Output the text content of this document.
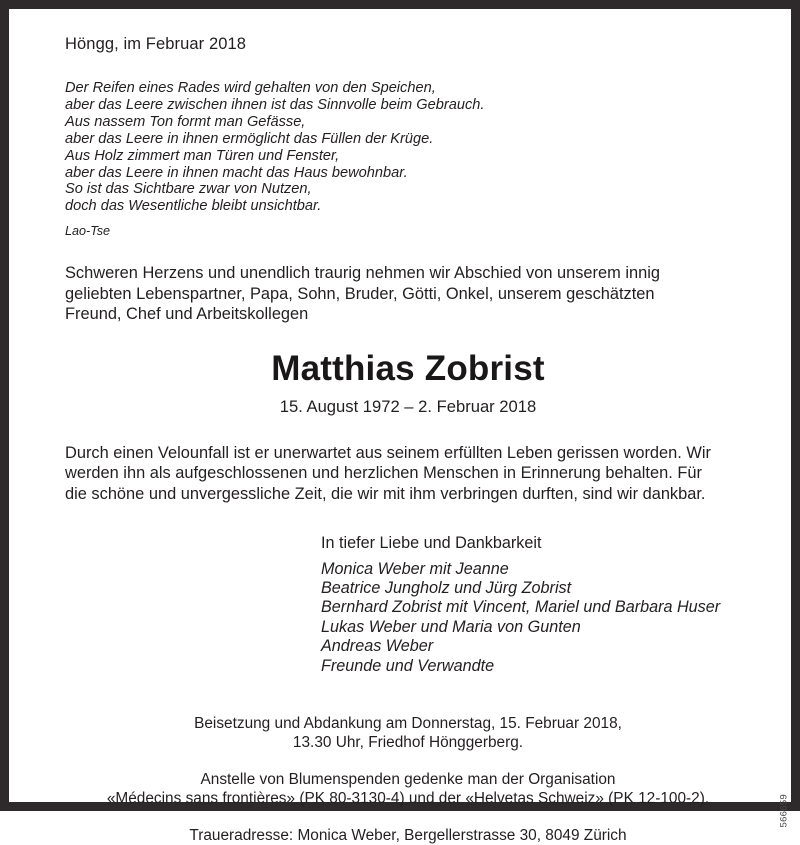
Höngg, im Februar 2018

Der Reifen eines Rades wird gehalten von den Speichen,
aber das Leere zwischen ihnen ist das Sinnvolle beim Gebrauch.
Aus nassem Ton formt man Gefässe,
aber das Leere in ihnen ermöglicht das Füllen der Krüge.
Aus Holz zimmert man Türen und Fenster,
aber das Leere in ihnen macht das Haus bewohnbar.
So ist das Sichtbare zwar von Nutzen,
doch das Wesentliche bleibt unsichtbar.

Lao-Tse

Schweren Herzens und unendlich traurig nehmen wir Abschied von unserem innig geliebten Lebenspartner, Papa, Sohn, Bruder, Götti, Onkel, unserem geschätzten Freund, Chef und Arbeitskollegen

Matthias Zobrist

15. August 1972 – 2. Februar 2018

Durch einen Velounfall ist er unerwartet aus seinem erfüllten Leben gerissen worden. Wir werden ihn als aufgeschlossenen und herzlichen Menschen in Erinnerung behalten. Für die schöne und unvergessliche Zeit, die wir mit ihm verbringen durften, sind wir dankbar.

In tiefer Liebe und Dankbarkeit

Monica Weber mit Jeanne
Beatrice Jungholz und Jürg Zobrist
Bernhard Zobrist mit Vincent, Mariel und Barbara Huser
Lukas Weber und Maria von Gunten
Andreas Weber
Freunde und Verwandte
Beisetzung und Abdankung am Donnerstag, 15. Februar 2018,
13.30 Uhr, Friedhof Hönggerberg.
Anstelle von Blumenspenden gedenke man der Organisation
«Médecins sans frontières» (PK 80-3130-4) und der «Helvetas Schweiz» (PK 12-100-2).
Traueradresse: Monica Weber, Bergellerstrasse 30, 8049 Zürich
566659
